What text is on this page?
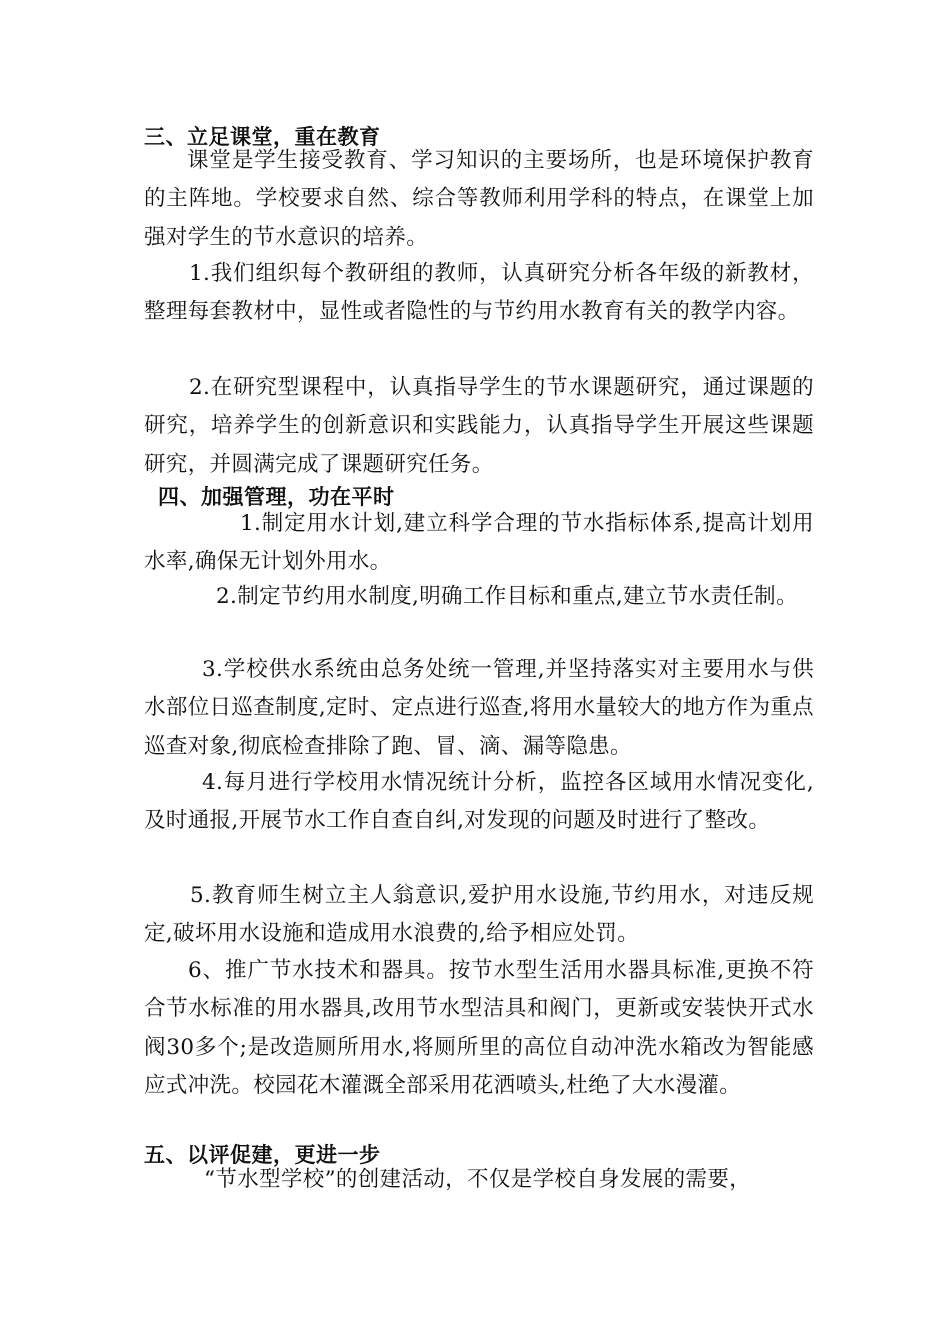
三、立足课堂，重在教育
课堂是学生接受教育、学习知识的主要场所，也是环境保护教育的主阵地。学校要求自然、综合等教师利用学科的特点，在课堂上加强对学生的节水意识的培养。
1.我们组织每个教研组的教师，认真研究分析各年级的新教材，整理每套教材中，显性或者隐性的与节约用水教育有关的教学内容。
2.在研究型课程中，认真指导学生的节水课题研究，通过课题的研究，培养学生的创新意识和实践能力，认真指导学生开展这些课题研究，并圆满完成了课题研究任务。
四、加强管理，功在平时
1.制定用水计划,建立科学合理的节水指标体系,提高计划用水率,确保无计划外用水。
2.制定节约用水制度,明确工作目标和重点,建立节水责任制。
3.学校供水系统由总务处统一管理,并坚持落实对主要用水与供水部位日巡查制度,定时、定点进行巡查,将用水量较大的地方作为重点巡查对象,彻底检查排除了跑、冒、滴、漏等隐患。
4.每月进行学校用水情况统计分析，监控各区域用水情况变化,及时通报,开展节水工作自查自纠,对发现的问题及时进行了整改。
5.教育师生树立主人翁意识,爱护用水设施,节约用水，对违反规定,破坏用水设施和造成用水浪费的,给予相应处罚。
6、推广节水技术和器具。按节水型生活用水器具标准,更换不符合节水标准的用水器具,改用节水型洁具和阀门，更新或安装快开式水阀30多个;是改造厕所用水,将厕所里的高位自动冲洗水箱改为智能感应式冲洗。校园花木灌溉全部采用花洒喷头,杜绝了大水漫灌。
五、以评促建，更进一步
“节水型学校”的创建活动，不仅是学校自身发展的需要，
